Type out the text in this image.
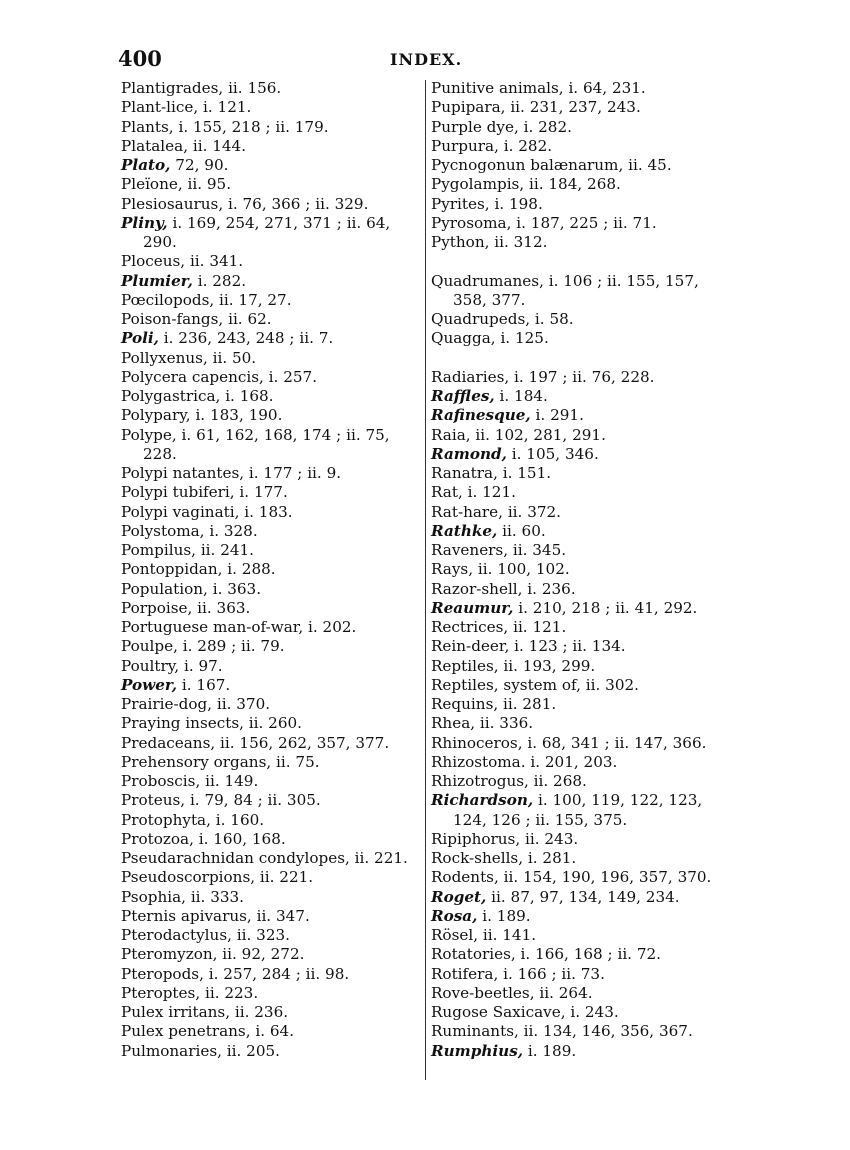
400	INDEX.
Plantigrades, ii. 156.
Plant-lice, i. 121.
Plants, i. 155, 218 ; ii. 179.
Platalea, ii. 144.
Plato, 72, 90.
Pleïone, ii. 95.
Plesiosaurus, i. 76, 366 ; ii. 329.
Pliny, i. 169, 254, 271, 371 ; ii. 64,
290.
Ploceus, ii. 341.
Plumier, i. 282.
Pœcilopods, ii. 17, 27.
Poison-fangs, ii. 62.
Poli, i. 236, 243, 248 ; ii. 7.
Pollyxenus, ii. 50.
Polycera capencis, i. 257.
Polygastrica, i. 168.
Polypary, i. 183, 190.
Polype, i. 61, 162, 168, 174 ; ii. 75,
228.
Polypi natantes, i. 177 ; ii. 9.
Polypi tubiferi, i. 177.
Polypi vaginati, i. 183.
Polystoma, i. 328.
Pompilus, ii. 241.
Pontoppidan, i. 288.
Population, i. 363.
Porpoise, ii. 363.
Portuguese man-of-war, i. 202.
Poulpe, i. 289 ; ii. 79.
Poultry, i. 97.
Power, i. 167.
Prairie-dog, ii. 370.
Praying insects, ii. 260.
Predaceans, ii. 156, 262, 357, 377.
Prehensory organs, ii. 75.
Proboscis, ii. 149.
Proteus, i. 79, 84 ; ii. 305.
Protophyta, i. 160.
Protozoa, i. 160, 168.
Pseudarachnidan condylopes, ii. 221.
Pseudoscorpions, ii. 221.
Psophia, ii. 333.
Pternis apivarus, ii. 347.
Pterodactylus, ii. 323.
Pteromyzon, ii. 92, 272.
Pteropods, i. 257, 284 ; ii. 98.
Pteroptes, ii. 223.
Pulex irritans, ii. 236.
Pulex penetrans, i. 64.
Pulmonaries, ii. 205.
Punitive animals, i. 64, 231.
Pupipara, ii. 231, 237, 243.
Purple dye, i. 282.
Purpura, i. 282.
Pycnogonun balænarum, ii. 45.
Pygolampis, ii. 184, 268.
Pyrites, i. 198.
Pyrosoma, i. 187, 225 ; ii. 71.
Python, ii. 312.
Quadrumanes, i. 106 ; ii. 155, 157,
358, 377.
Quadrupeds, i. 58.
Quagga, i. 125.
Radiaries, i. 197 ; ii. 76, 228.
Raffles, i. 184.
Rafinesque, i. 291.
Raia, ii. 102, 281, 291.
Ramond, i. 105, 346.
Ranatra, i. 151.
Rat, i. 121.
Rat-hare, ii. 372.
Rathke, ii. 60.
Raveners, ii. 345.
Rays, ii. 100, 102.
Razor-shell, i. 236.
Reaumur, i. 210, 218 ; ii. 41, 292.
Rectrices, ii. 121.
Rein-deer, i. 123 ; ii. 134.
Reptiles, ii. 193, 299.
Reptiles, system of, ii. 302.
Requins, ii. 281.
Rhea, ii. 336.
Rhinoceros, i. 68, 341 ; ii. 147, 366.
Rhizostoma. i. 201, 203.
Rhizotrogus, ii. 268.
Richardson, i. 100, 119, 122, 123,
124, 126 ; ii. 155, 375.
Ripiphorus, ii. 243.
Rock-shells, i. 281.
Rodents, ii. 154, 190, 196, 357, 370.
Roget, ii. 87, 97, 134, 149, 234.
Rosa, i. 189.
Rösel, ii. 141.
Rotatories, i. 166, 168 ; ii. 72.
Rotifera, i. 166 ; ii. 73.
Rove-beetles, ii. 264.
Rugose Saxicave, i. 243.
Ruminants, ii. 134, 146, 356, 367.
Rumphius, i. 189.
